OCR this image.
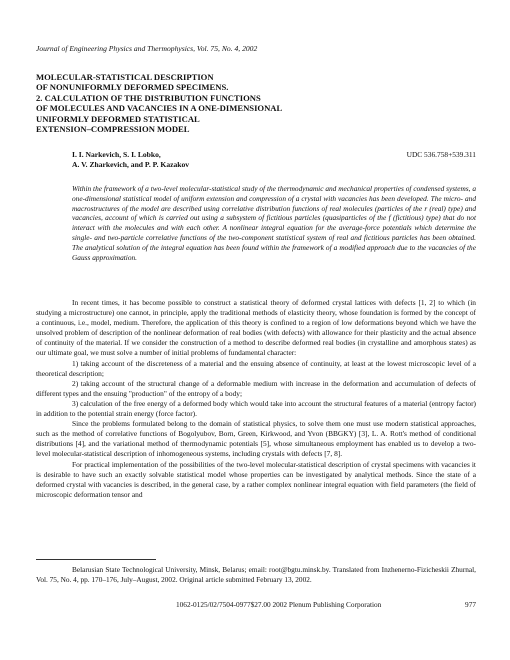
Journal of Engineering Physics and Thermophysics, Vol. 75, No. 4, 2002
MOLECULAR-STATISTICAL DESCRIPTION
OF NONUNIFORMLY DEFORMED SPECIMENS.
2. CALCULATION OF THE DISTRIBUTION FUNCTIONS
OF MOLECULES AND VACANCIES IN A ONE-DIMENSIONAL
UNIFORMLY DEFORMED STATISTICAL
EXTENSION–COMPRESSION MODEL
I. I. Narkevich, S. I. Lobko,
A. V. Zharkevich, and P. P. Kazakov
UDC 536.758+539.311
Within the framework of a two-level molecular-statistical study of the thermodynamic and mechanical properties of condensed systems, a one-dimensional statistical model of uniform extension and compression of a crystal with vacancies has been developed. The micro- and macrostructures of the model are described using correlative distribution functions of real molecules (particles of the r (real) type) and vacancies, account of which is carried out using a subsystem of fictitious particles (quasiparticles of the f (fictitious) type) that do not interact with the molecules and with each other. A nonlinear integral equation for the average-force potentials which determine the single- and two-particle correlative functions of the two-component statistical system of real and fictitious particles has been obtained. The analytical solution of the integral equation has been found within the framework of a modified approach due to the vacancies of the Gauss approximation.

In recent times, it has become possible to construct a statistical theory of deformed crystal lattices with defects [1, 2] to which (in studying a microstructure) one cannot, in principle, apply the traditional methods of elasticity theory, whose foundation is formed by the concept of a continuous, i.e., model, medium. Therefore, the application of this theory is confined to a region of low deformations beyond which we have the unsolved problem of description of the nonlinear deformation of real bodies (with defects) with allowance for their plasticity and the actual absence of continuity of the material. If we consider the construction of a method to describe deformed real bodies (in crystalline and amorphous states) as our ultimate goal, we must solve a number of initial problems of fundamental character:

1) taking account of the discreteness of a material and the ensuing absence of continuity, at least at the lowest microscopic level of a theoretical description;

2) taking account of the structural change of a deformable medium with increase in the deformation and accumulation of defects of different types and the ensuing "production" of the entropy of a body;

3) calculation of the free energy of a deformed body which would take into account the structural features of a material (entropy factor) in addition to the potential strain energy (force factor).

Since the problems formulated belong to the domain of statistical physics, to solve them one must use modern statistical approaches, such as the method of correlative functions of Bogolyubov, Born, Green, Kirkwood, and Yvon (BBGKY) [3], L. A. Rott's method of conditional distributions [4], and the variational method of thermodynamic potentials [5], whose simultaneous employment has enabled us to develop a two-level molecular-statistical description of inhomogeneous systems, including crystals with defects [7, 8].

For practical implementation of the possibilities of the two-level molecular-statistical description of crystal specimens with vacancies it is desirable to have such an exactly solvable statistical model whose properties can be investigated by analytical methods. Since the state of a deformed crystal with vacancies is described, in the general case, by a rather complex nonlinear integral equation with field parameters (the field of microscopic deformation tensor and

Belarusian State Technological University, Minsk, Belarus; email: root@bgtu.minsk.by. Translated from Inzhenerno-Fizicheskii Zhurnal, Vol. 75, No. 4, pp. 170–176, July–August, 2002. Original article submitted February 13, 2002.

1062-0125/02/7504-0977$27.00 2002 Plenum Publishing Corporation	977
